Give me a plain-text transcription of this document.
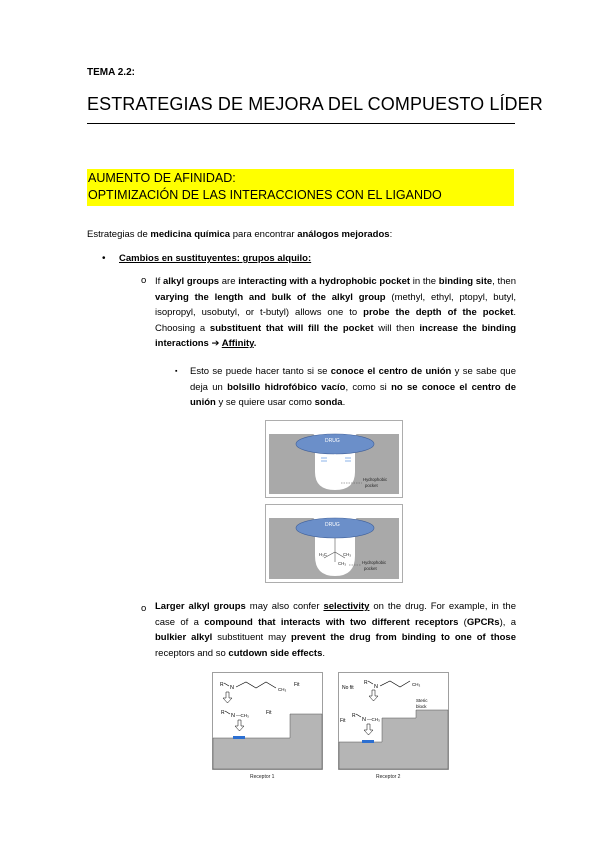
TEMA 2.2:
ESTRATEGIAS DE MEJORA DEL COMPUESTO LÍDER
AUMENTO DE AFINIDAD:
OPTIMIZACIÓN DE LAS INTERACCIONES CON EL LIGANDO
Estrategias de medicina química para encontrar análogos mejorados:
• Cambios en sustituyentes: grupos alquilo:
o If alkyl groups are interacting with a hydrophobic pocket in the binding site, then varying the length and bulk of the alkyl group (methyl, ethyl, ptopyl, butyl, isopropyl, usobutyl, or t-butyl) allows one to probe the depth of the pocket. Choosing a substituent that will fill the pocket will then increase the binding interactions ➔ Affinity.
▪ Esto se puede hacer tanto si se conoce el centro de unión y se sabe que deja un bolsillo hidrofóbico vacío, como si no se conoce el centro de unión y se quiere usar como sonda.
DRUG
CH₃
Hydrophobic
pocket
DRUG
H₃C	CH₃
CH₃	Hydrophobic
pocket
o Larger alkyl groups may also confer selectivity on the drug. For example, in the case of a compound that interacts with two different receptors (GPCRs), a bulkier alkyl substituent may prevent the drug from binding to one of those receptors and so cutdown side effects.
R N	CH₃
Fit
R N —CH₃	Fit
Receptor 1
No fit
R
N	CH₃
Steric
block
Fit
R
N —CH₃
Receptor 2
